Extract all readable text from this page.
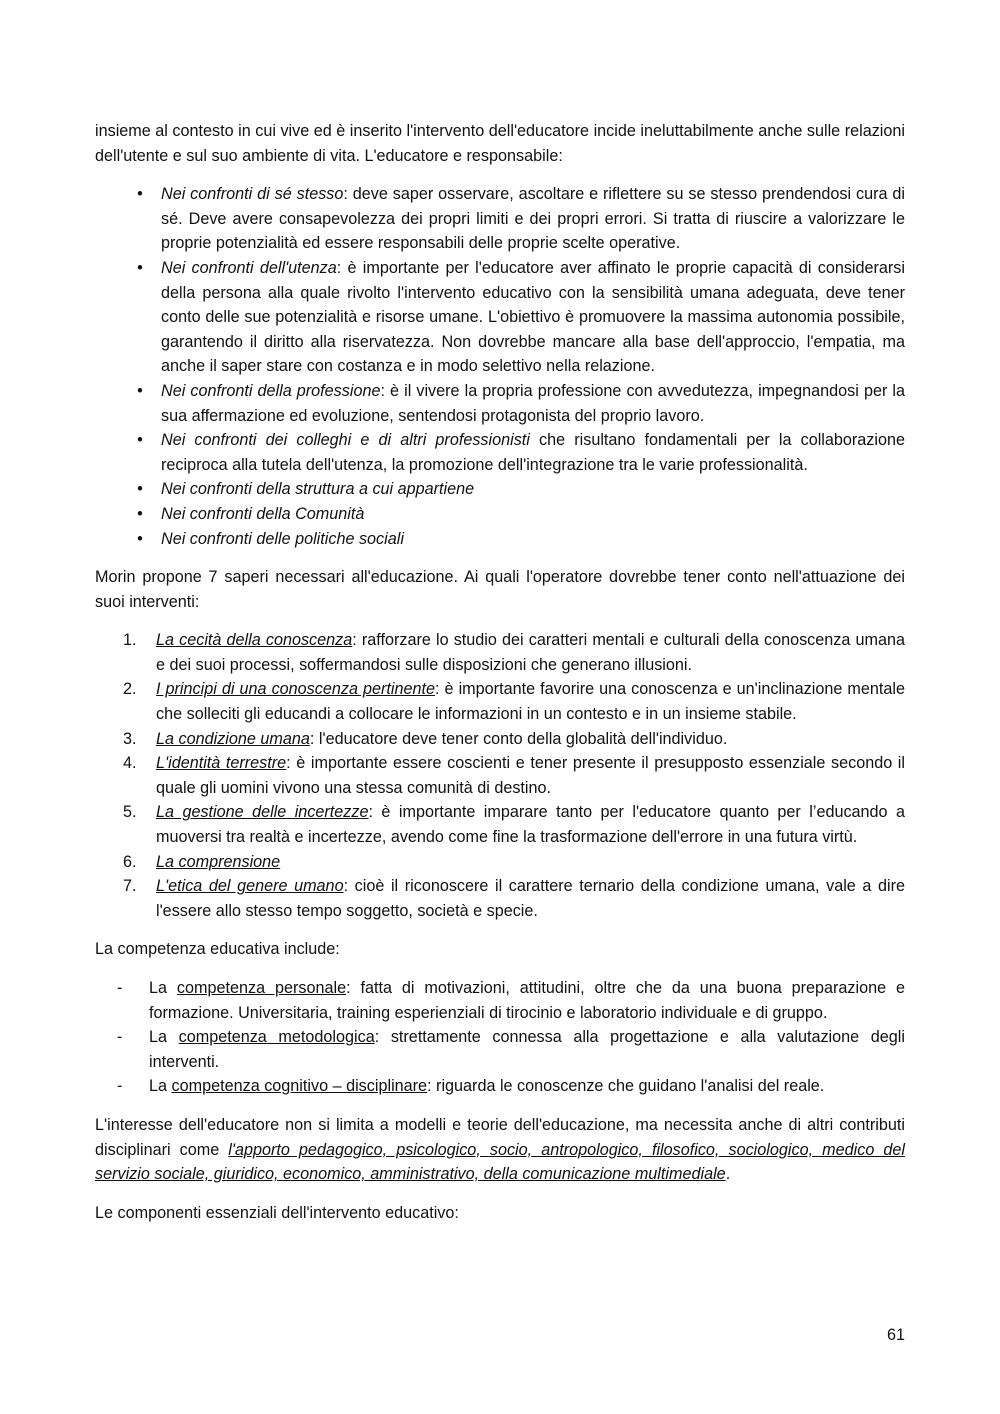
insieme al contesto in cui vive ed è inserito l'intervento dell'educatore incide ineluttabilmente anche sulle relazioni dell'utente e sul suo ambiente di vita. L'educatore e responsabile:

• Nei confronti di sé stesso: deve saper osservare, ascoltare e riflettere su se stesso prendendosi cura di sé. Deve avere consapevolezza dei propri limiti e dei propri errori. Si tratta di riuscire a valorizzare le proprie potenzialità ed essere responsabili delle proprie scelte operative.
• Nei confronti dell'utenza: è importante per l'educatore aver affinato le proprie capacità di considerarsi della persona alla quale rivolto l'intervento educativo con la sensibilità umana adeguata, deve tener conto delle sue potenzialità e risorse umane. L'obiettivo è promuovere la massima autonomia possibile, garantendo il diritto alla riservatezza. Non dovrebbe mancare alla base dell'approccio, l'empatia, ma anche il saper stare con costanza e in modo selettivo nella relazione.
• Nei confronti della professione: è il vivere la propria professione con avvedutezza, impegnandosi per la sua affermazione ed evoluzione, sentendosi protagonista del proprio lavoro.
• Nei confronti dei colleghi e di altri professionisti che risultano fondamentali per la collaborazione reciproca alla tutela dell'utenza, la promozione dell'integrazione tra le varie professionalità.
• Nei confronti della struttura a cui appartiene
• Nei confronti della Comunità
• Nei confronti delle politiche sociali

Morin propone 7 saperi necessari all'educazione. Ai quali l'operatore dovrebbe tener conto nell'attuazione dei suoi interventi:

1.	La cecità della conoscenza: rafforzare lo studio dei caratteri mentali e culturali della conoscenza umana e dei suoi processi, soffermandosi sulle disposizioni che generano illusioni.
2.	I principi di una conoscenza pertinente: è importante favorire una conoscenza e un'inclinazione mentale che solleciti gli educandi a collocare le informazioni in un contesto e in un insieme stabile.
3.	La condizione umana: l'educatore deve tener conto della globalità dell'individuo.
4.	L'identità terrestre: è importante essere coscienti e tener presente il presupposto essenziale secondo il quale gli uomini vivono una stessa comunità di destino.
5.	La gestione delle incertezze: è importante imparare tanto per l'educatore quanto per l’educando a muoversi tra realtà e incertezze, avendo come fine la trasformazione dell'errore in una futura virtù.
6.	La comprensione
7.	L'etica del genere umano: cioè il riconoscere il carattere ternario della condizione umana, vale a dire l'essere allo stesso tempo soggetto, società e specie.

La competenza educativa include:

- La competenza personale: fatta di motivazioni, attitudini, oltre che da una buona preparazione e formazione. Universitaria, training esperienziali di tirocinio e laboratorio individuale e di gruppo.
- La competenza metodologica: strettamente connessa alla progettazione e alla valutazione degli interventi.
- La competenza cognitivo – disciplinare: riguarda le conoscenze che guidano l'analisi del reale.

L'interesse dell'educatore non si limita a modelli e teorie dell'educazione, ma necessita anche di altri contributi disciplinari come l'apporto pedagogico, psicologico, socio, antropologico, filosofico, sociologico, medico del servizio sociale, giuridico, economico, amministrativo, della comunicazione multimediale.

Le componenti essenziali dell'intervento educativo:

61
